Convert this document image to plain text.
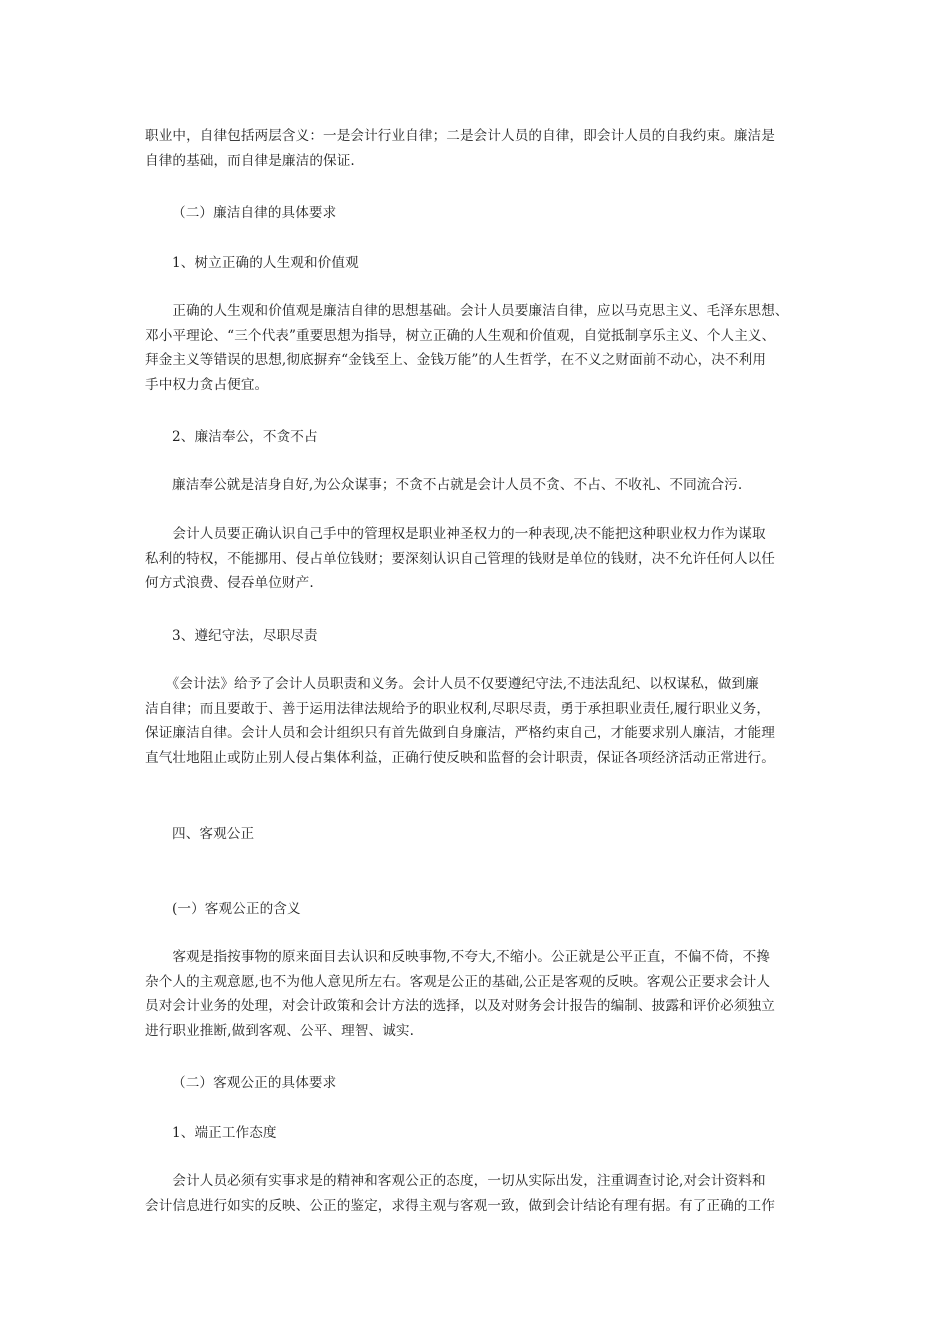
职业中，自律包括两层含义：一是会计行业自律；二是会计人员的自律，即会计人员的自我约束。廉洁是
自律的基础，而自律是廉洁的保证.
（二）廉洁自律的具体要求
1、树立正确的人生观和价值观
　　正确的人生观和价值观是廉洁自律的思想基础。会计人员要廉洁自律，应以马克思主义、毛泽东思想、
邓小平理论、“三个代表”重要思想为指导，树立正确的人生观和价值观，自觉抵制享乐主义、个人主义、
拜金主义等错误的思想,彻底摒弃“金钱至上、金钱万能”的人生哲学，在不义之财面前不动心，决不利用
手中权力贪占便宜。
2、廉洁奉公，不贪不占
廉洁奉公就是洁身自好,为公众谋事；不贪不占就是会计人员不贪、不占、不收礼、不同流合污.
　　会计人员要正确认识自己手中的管理权是职业神圣权力的一种表现,决不能把这种职业权力作为谋取
私利的特权，不能挪用、侵占单位钱财；要深刻认识自己管理的钱财是单位的钱财，决不允许任何人以任
何方式浪费、侵吞单位财产.
3、遵纪守法，尽职尽责
　　《会计法》给予了会计人员职责和义务。会计人员不仅要遵纪守法,不违法乱纪、以权谋私，做到廉
洁自律；而且要敢于、善于运用法律法规给予的职业权利,尽职尽责，勇于承担职业责任,履行职业义务，
保证廉洁自律。会计人员和会计组织只有首先做到自身廉洁，严格约束自己，才能要求别人廉洁，才能理
直气壮地阻止或防止别人侵占集体利益，正确行使反映和监督的会计职责，保证各项经济活动正常进行。
四、客观公正
(一）客观公正的含义
　　客观是指按事物的原来面目去认识和反映事物,不夸大,不缩小。公正就是公平正直，不偏不倚，不搀
杂个人的主观意愿,也不为他人意见所左右。客观是公正的基础,公正是客观的反映。客观公正要求会计人
员对会计业务的处理，对会计政策和会计方法的选择，以及对财务会计报告的编制、披露和评价必须独立
进行职业推断,做到客观、公平、理智、诚实.
（二）客观公正的具体要求
1、端正工作态度
　　会计人员必须有实事求是的精神和客观公正的态度，一切从实际出发，注重调查讨论,对会计资料和
会计信息进行如实的反映、公正的鉴定，求得主观与客观一致，做到会计结论有理有据。有了正确的工作
